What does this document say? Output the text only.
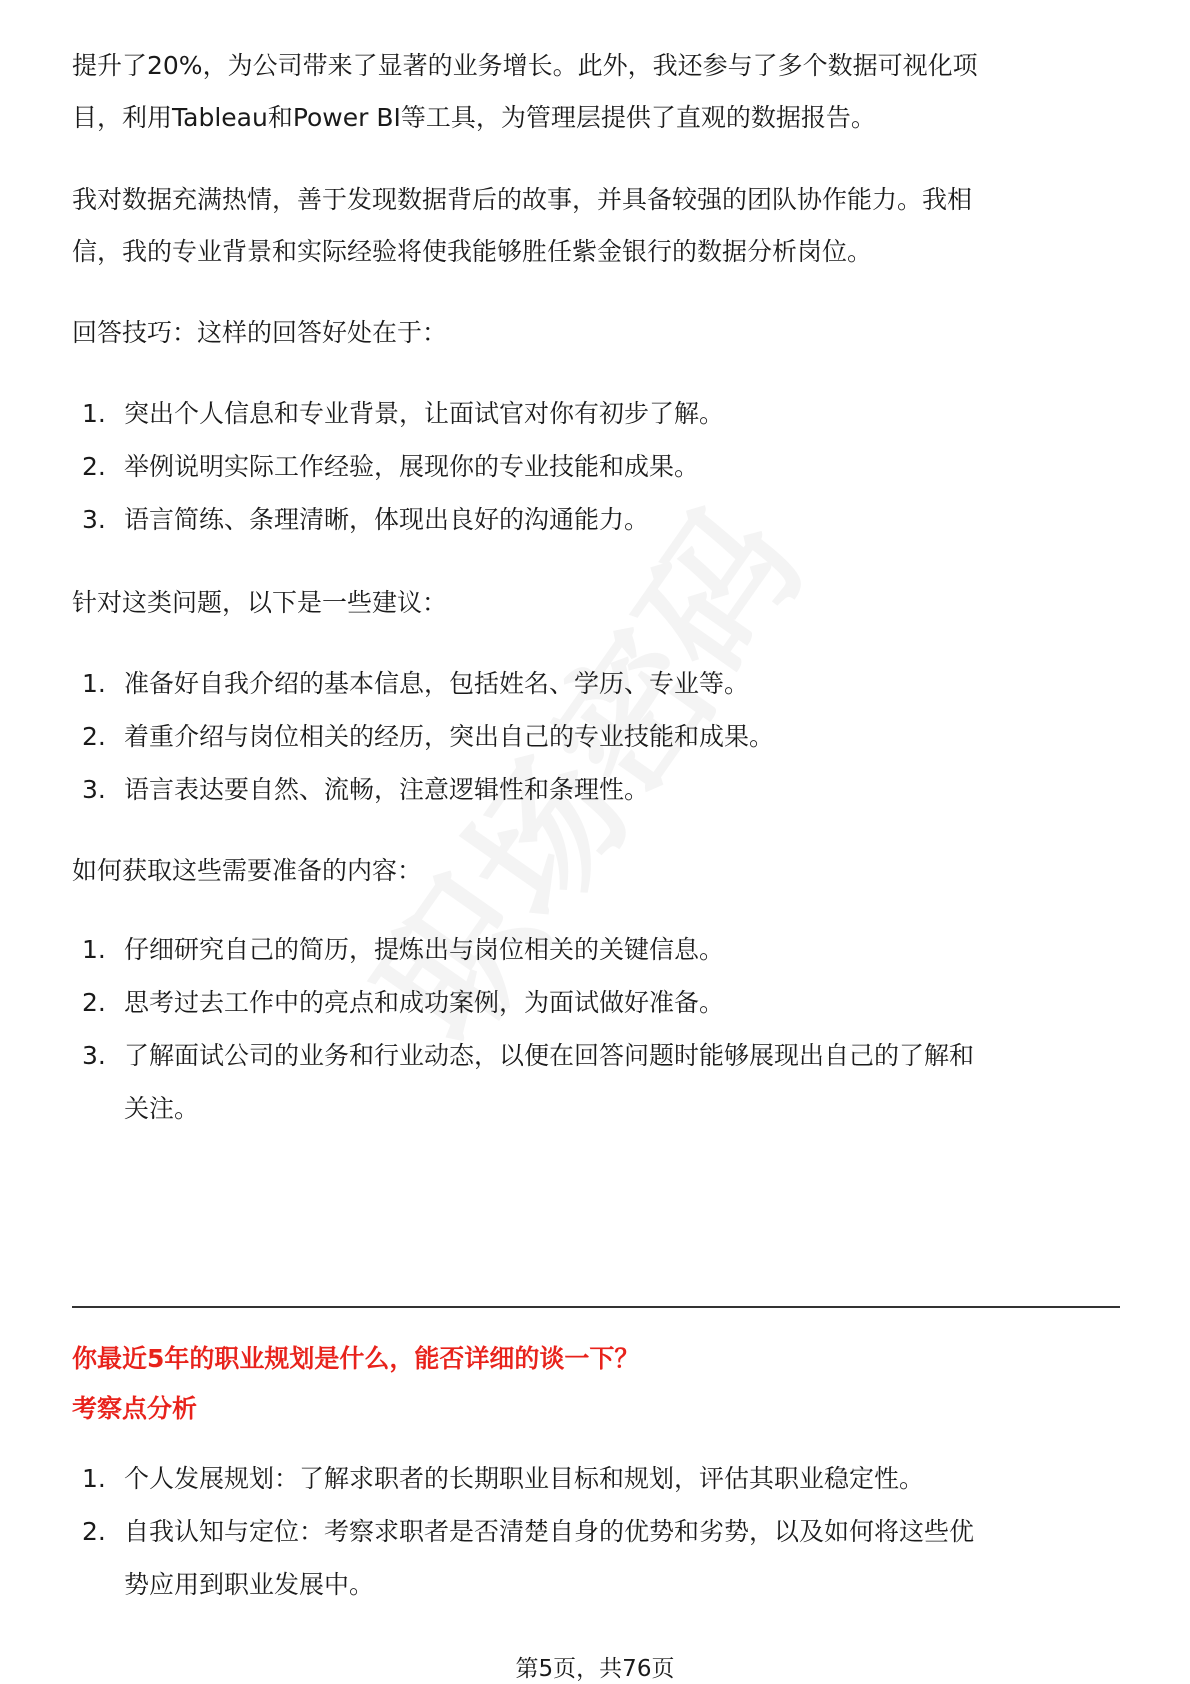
提升了20%，为公司带来了显著的业务增长。此外，我还参与了多个数据可视化项

目，利用Tableau和Power BI等工具，为管理层提供了直观的数据报告。

我对数据充满热情，善于发现数据背后的故事，并具备较强的团队协作能力。我相

信，我的专业背景和实际经验将使我能够胜任紫金银行的数据分析岗位。

回答技巧：这样的回答好处在于：

1. 突出个人信息和专业背景，让面试官对你有初步了解。
2. 举例说明实际工作经验，展现你的专业技能和成果。
3. 语言简练、条理清晰，体现出良好的沟通能力。

针对这类问题，以下是一些建议：

1. 准备好自我介绍的基本信息，包括姓名、学历、专业等。
2. 着重介绍与岗位相关的经历，突出自己的专业技能和成果。
3. 语言表达要自然、流畅，注意逻辑性和条理性。

如何获取这些需要准备的内容：

1. 仔细研究自己的简历，提炼出与岗位相关的关键信息。
2. 思考过去工作中的亮点和成功案例，为面试做好准备。
3. 了解面试公司的业务和行业动态，以便在回答问题时能够展现出自己的了解和
关注。

你最近5年的职业规划是什么，能否详细的谈一下？

考察点分析

1. 个人发展规划：了解求职者的长期职业目标和规划，评估其职业稳定性。
2. 自我认知与定位：考察求职者是否清楚自身的优势和劣势，以及如何将这些优
势应用到职业发展中。
第5页，共76页
